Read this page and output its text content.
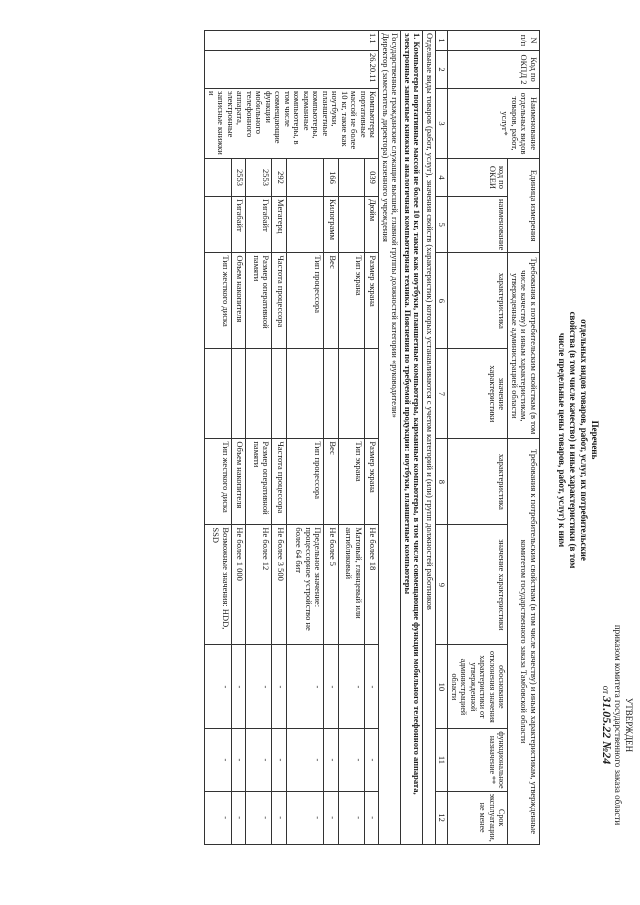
УТВЕРЖДЕН
приказом комитета государственного заказа области
от 31.05.22 №24
Перечень
отдельных видов товаров, работ, услуг, их потребительские
свойства (в том числе качество) и иные характеристики (в том
числе предельные цены товаров, работ, услуг) к ним
N п/п	Код по ОКПД 2	Наименование отдельных видов товаров, работ, услуг*	Единица измерения		Требования к потребительским свойствам (в том числе качеству) и иным характеристикам, утвержденные администрацией области		Требования к потребительским свойствам (в том числе качеству) и иным характеристикам, утвержденные комитетом государственного заказа Тамбовской области				
			код по ОКЕИ	наименование	характеристика	значение характеристики	характеристика	значение характеристики	обоснование отклонения значения характеристики от утвержденной администрацией области	функциональное назначение **	Срок эксплуатации, не менее
1	2	3	4	5	6	7	8	9	10	11	12
Отдельные виды товаров (работ, услуг), значения свойств (характеристик) которых устанавливаются с учетом категорий и (или) групп должностей работников											
1. Компьютеры портативные массой не более 10 кг, такие как ноутбуки, планшетные компьютеры, карманные компьютеры, в том числе совмещающие функции мобильного телефонного аппарата, электронные записные книжки и аналогичная компьютерная техника. Пояснения по требуемой продукции: ноутбуки, планшетные компьютеры											

Государственные гражданские служащие высшей, главной группы должностей категории «руководители»
Директор (заместитель директора) казенного учреждения											

1.1	26.20.11	Компьютеры портативные массой не более 10 кг, такие как ноутбуки, планшетные компьютеры, карманные компьютеры, в том числе совмещающие функции мобильного телефонного аппарата, электронные записные книжки и	039	Дюйм	Размер экрана		Размер экрана	Не более 18	-	-	-
					Тип экрана		Тип экрана	Матовый, глянцевый или антибликовый	-	-	-
			166	Килограмм	Вес		Вес	Не более 5	-	-	-
					Тип процессора		Тип процессора	Предельное значение: процессорное устройство не более 64 бит	-	-	-
			292	Мегагерц	Частота процессора		Частота процессора	Не более 3 500	-	-	-
			2553	Гигабайт	Размер оперативной памяти		Размер оперативной памяти	Не более 12	-	-	-
			2553	Гигабайт	Объем накопителя		Объем накопителя	Не более 1 000	-	-	-
					Тип жесткого диска		Тип жесткого диска	Возможные значения: HDD, SSD	-	-	-
